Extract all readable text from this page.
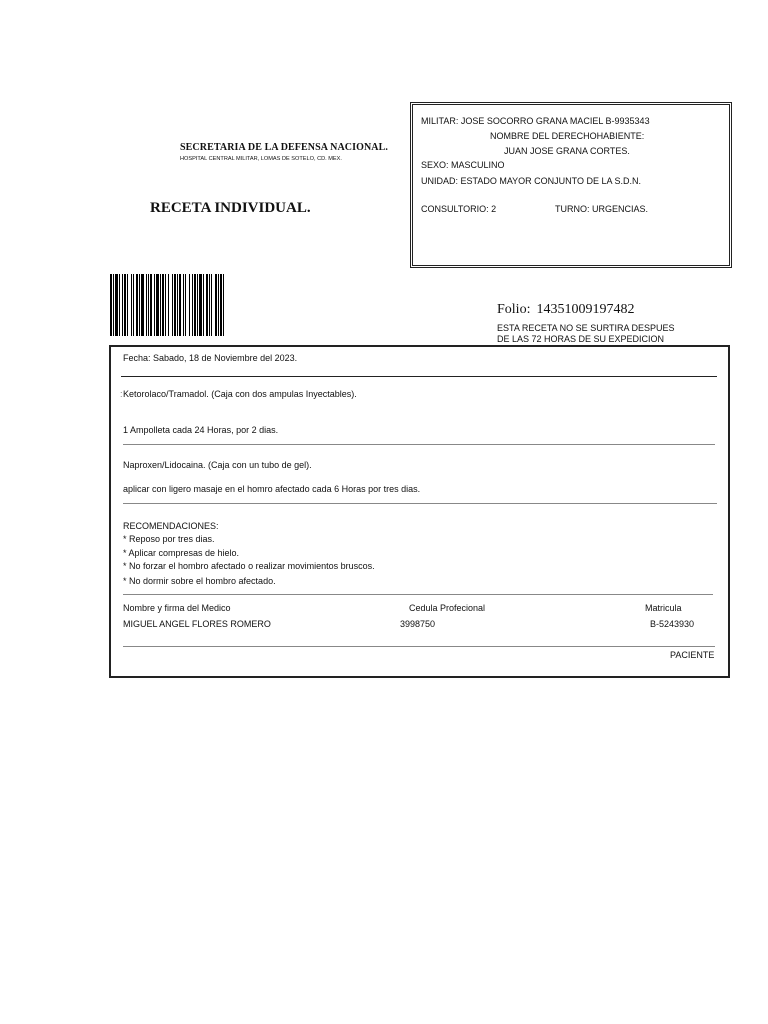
SECRETARIA DE LA DEFENSA NACIONAL.
HOSPITAL CENTRAL MILITAR, LOMAS DE SOTELO, CD. MEX.
RECETA INDIVIDUAL.
MILITAR: JOSE SOCORRO GRANA MACIEL B-9935343
NOMBRE DEL DERECHOHABIENTE:
JUAN JOSE GRANA CORTES.
SEXO: MASCULINO
UNIDAD: ESTADO MAYOR CONJUNTO DE LA S.D.N.
CONSULTORIO: 2	TURNO: URGENCIAS.
Folio: 14351009197482
ESTA RECETA NO SE SURTIRA DESPUES
DE LAS 72 HORAS DE SU EXPEDICION
Fecha: Sabado, 18 de Noviembre del 2023.
: Ketorolaco/Tramadol. (Caja con dos ampulas Inyectables).
1 Ampolleta cada 24 Horas, por 2 dias.
Naproxen/Lidocaina. (Caja con un tubo de gel).
aplicar con ligero masaje en el homro afectado cada 6 Horas por tres dias.
RECOMENDACIONES:
* Reposo por tres dias.
* Aplicar compresas de hielo.
* No forzar el hombro afectado o realizar movimientos bruscos.
* No dormir sobre el hombro afectado.
Nombre y firma del Medico	Cedula Profecional	Matricula
MIGUEL ANGEL FLORES ROMERO	3998750	B-5243930
PACIENTE
